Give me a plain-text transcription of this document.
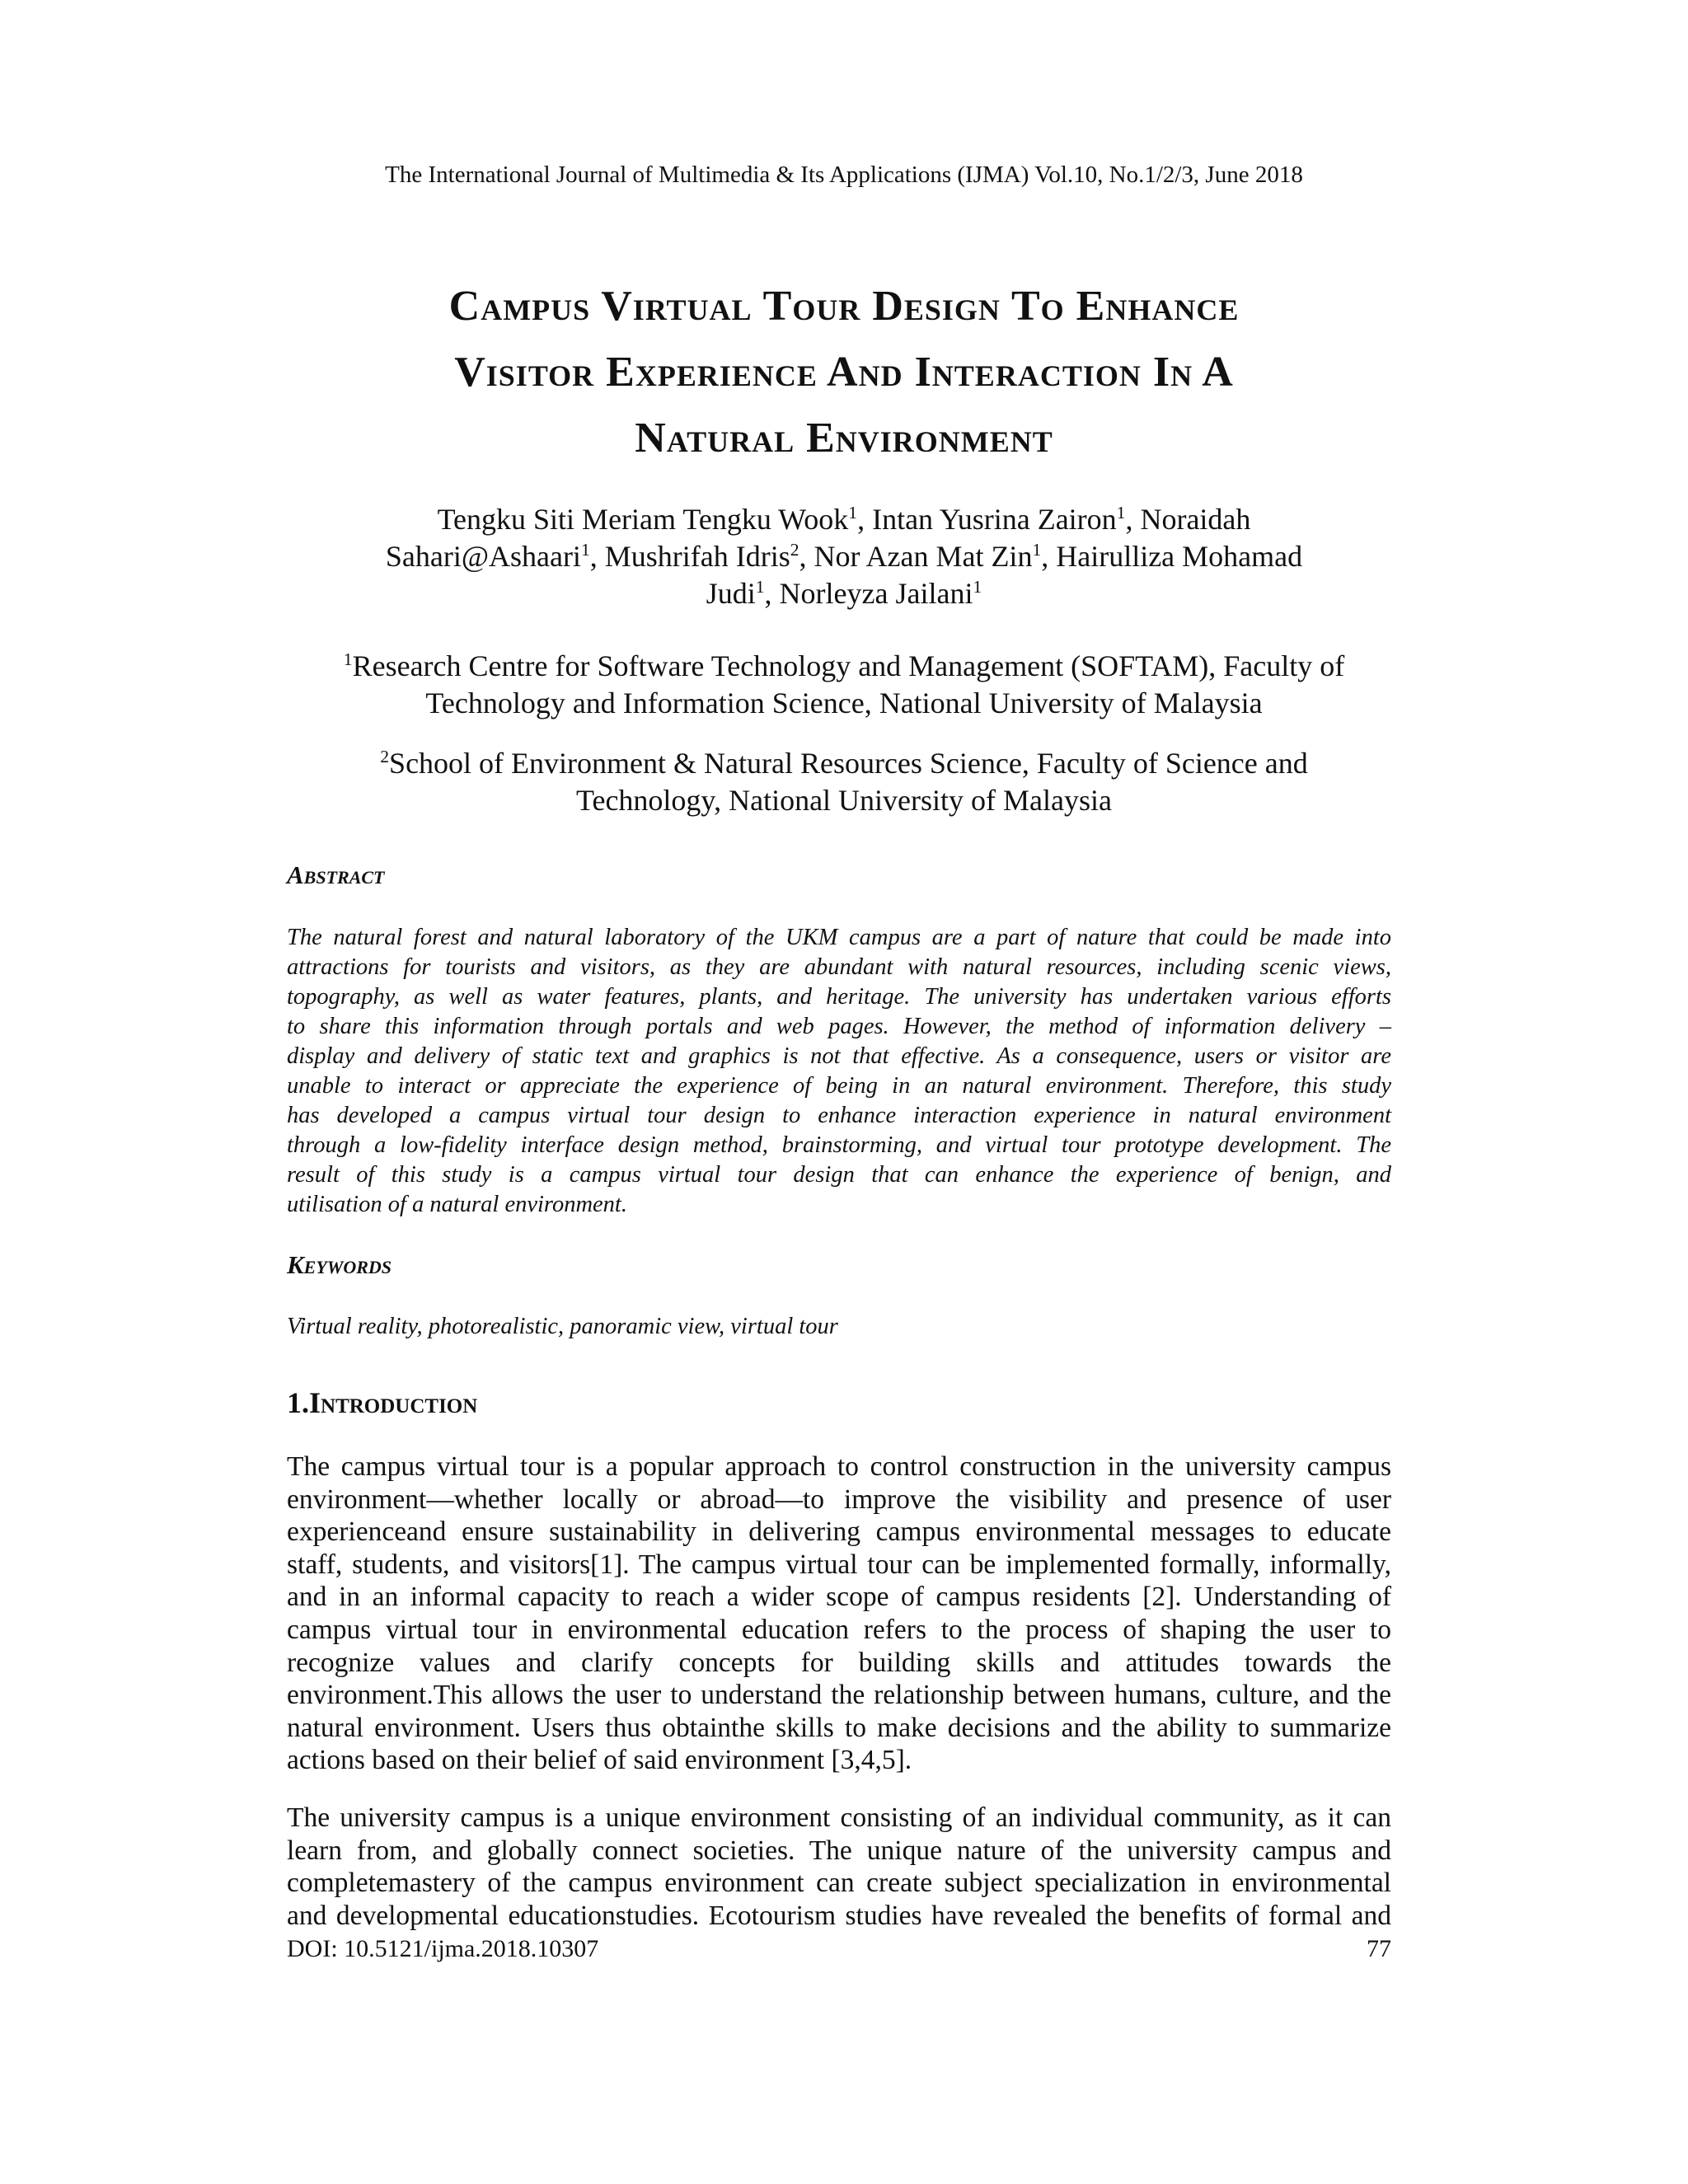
The International Journal of Multimedia & Its Applications (IJMA) Vol.10, No.1/2/3, June 2018
Campus Virtual Tour Design To Enhance
Visitor Experience And Interaction In A
Natural Environment
Tengku Siti Meriam Tengku Wook$^1$, Intan Yusrina Zairon$^1$, Noraidah
Sahari@Ashaari$^1$, Mushrifah Idris$^2$, Nor Azan Mat Zin$^1$, Hairulliza Mohamad
Judi$^1$, Norleyza Jailani$^1$
$^1$Research Centre for Software Technology and Management (SOFTAM), Faculty of
Technology and Information Science, National University of Malaysia
$^2$School of Environment & Natural Resources Science, Faculty of Science and
Technology, National University of Malaysia
Abstract
The natural forest and natural laboratory of the UKM campus are a part of nature that could be made into
attractions for tourists and visitors, as they are abundant with natural resources, including scenic views,
topography, as well as water features, plants, and heritage. The university has undertaken various efforts
to share this information through portals and web pages. However, the method of information delivery –
display and delivery of static text and graphics is not that effective. As a consequence, users or visitor are
unable to interact or appreciate the experience of being in an natural environment. Therefore, this study
has developed a campus virtual tour design to enhance interaction experience in natural environment
through a low-fidelity interface design method, brainstorming, and virtual tour prototype development. The
result of this study is a campus virtual tour design that can enhance the experience of benign, and
utilisation of a natural environment.
Keywords
Virtual reality, photorealistic, panoramic view, virtual tour
1.Introduction
The campus virtual tour is a popular approach to control construction in the university campus
environment—whether locally or abroad—to improve the visibility and presence of user
experienceand ensure sustainability in delivering campus environmental messages to educate
staff, students, and visitors[1]. The campus virtual tour can be implemented formally, informally,
and in an informal capacity to reach a wider scope of campus residents [2]. Understanding of
campus virtual tour in environmental education refers to the process of shaping the user to
recognize values and clarify concepts for building skills and attitudes towards the
environment.This allows the user to understand the relationship between humans, culture, and the
natural environment. Users thus obtainthe skills to make decisions and the ability to summarize
actions based on their belief of said environment [3,4,5].
The university campus is a unique environment consisting of an individual community, as it can
learn from, and globally connect societies. The unique nature of the university campus and
completemastery of the campus environment can create subject specialization in environmental
and developmental educationstudies. Ecotourism studies have revealed the benefits of formal and
DOI: 10.5121/ijma.2018.10307	77
